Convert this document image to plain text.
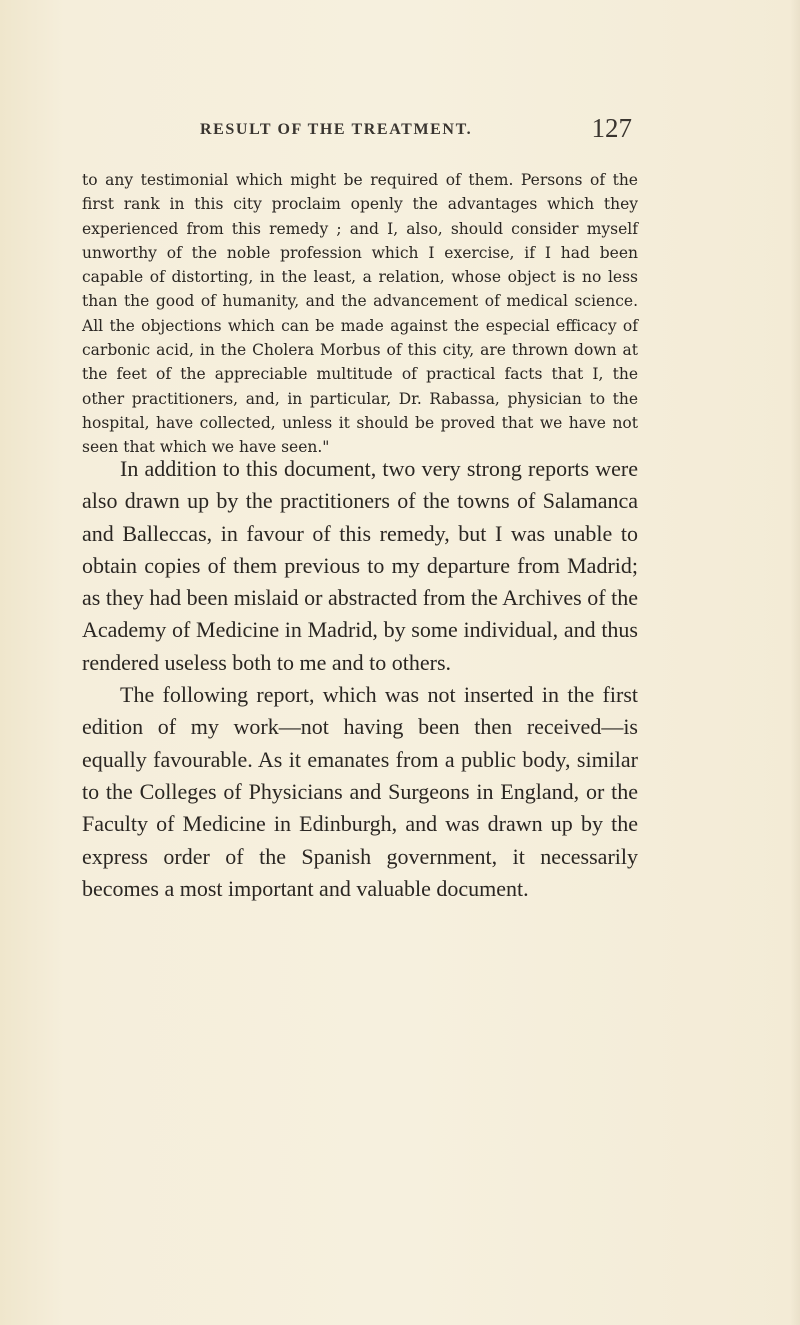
RESULT OF THE TREATMENT.	127

to any testimonial which might be required of them. Persons of the first rank in this city proclaim openly the advantages which they experienced from this remedy ; and I, also, should consider myself unworthy of the noble profession which I exercise, if I had been capable of distorting, in the least, a relation, whose object is no less than the good of humanity, and the advancement of medical science. All the objections which can be made against the especial efficacy of carbonic acid, in the Cholera Morbus of this city, are thrown down at the feet of the appreciable multitude of practical facts that I, the other practitioners, and, in particular, Dr. Rabassa, physician to the hospital, have collected, unless it should be proved that we have not seen that which we have seen."

In addition to this document, two very strong reports were also drawn up by the practitioners of the towns of Salamanca and Balleccas, in favour of this remedy, but I was unable to obtain copies of them previous to my departure from Madrid; as they had been mislaid or abstracted from the Archives of the Academy of Medicine in Madrid, by some individual, and thus rendered useless both to me and to others.

The following report, which was not inserted in the first edition of my work—not having been then received—is equally favourable. As it emanates from a public body, similar to the Colleges of Physicians and Surgeons in England, or the Faculty of Medicine in Edinburgh, and was drawn up by the express order of the Spanish government, it necessarily becomes a most important and valuable document.
